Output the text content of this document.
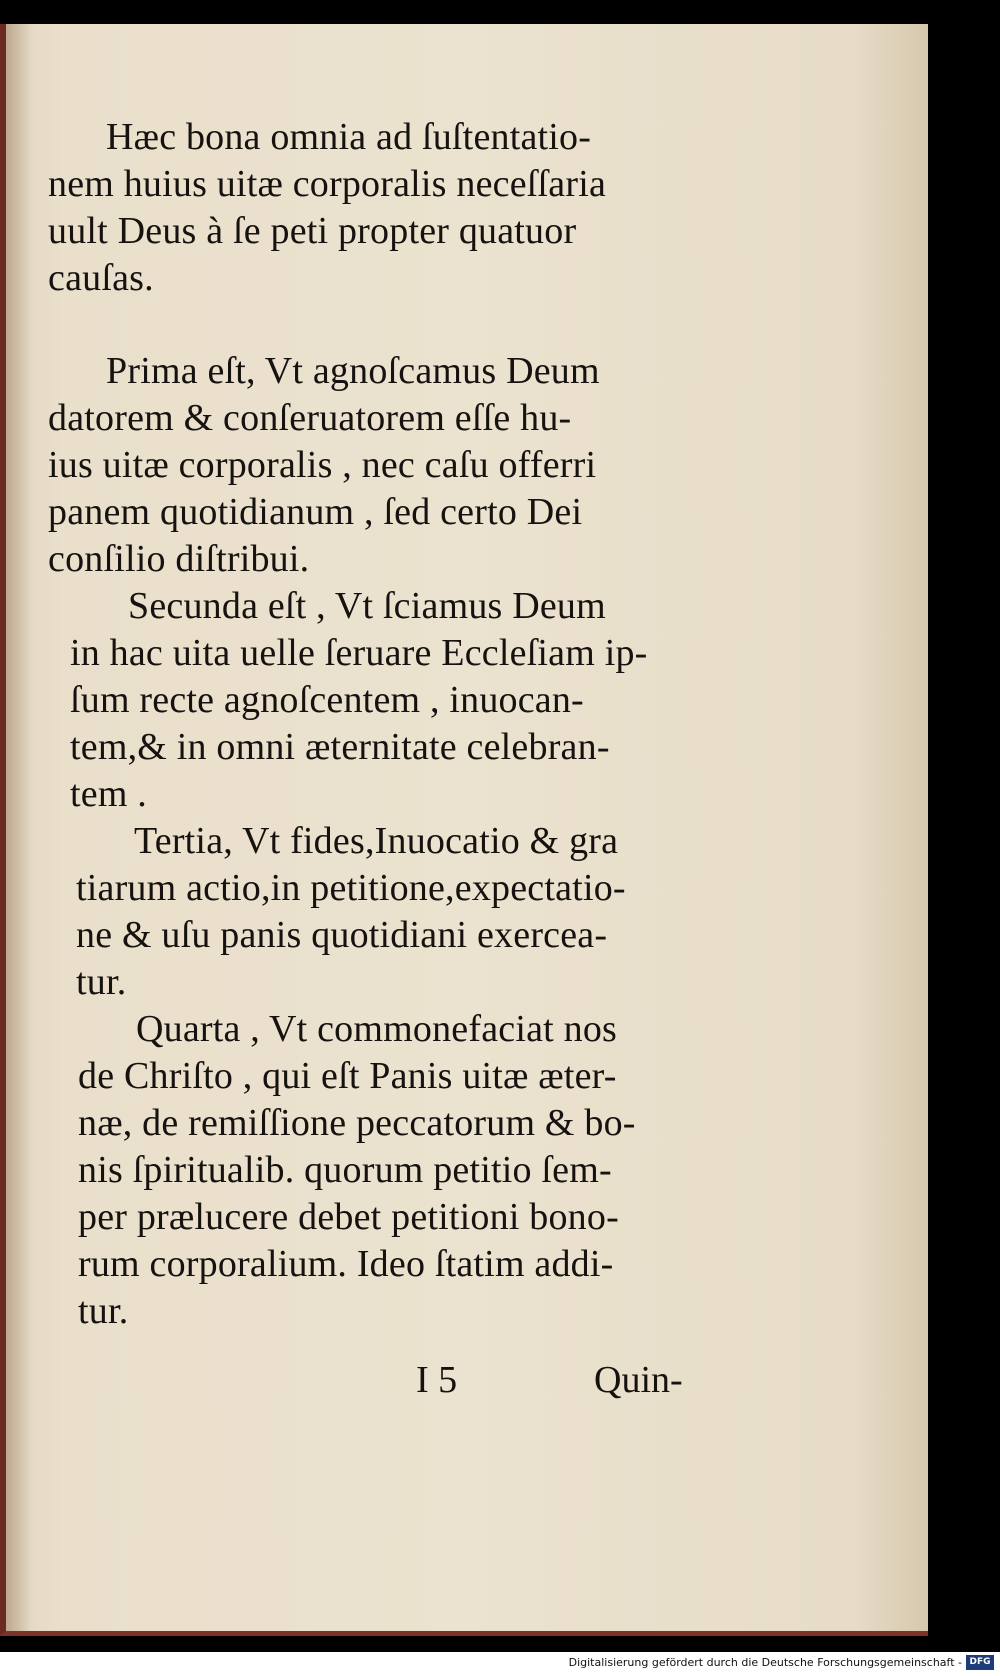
Hæc bona omnia ad ſuſtentatio-
nem huius uitæ corporalis neceſſaria
uult Deus à ſe peti propter quatuor
cauſas.

Prima eſt, Vt agnoſcamus Deum
datorem & conſeruatorem eſſe hu-
ius uitæ corporalis , nec caſu offerri
panem quotidianum , ſed certo Dei
conſilio diſtribui.

Secunda eſt , Vt ſciamus Deum
in hac uita uelle ſeruare Eccleſiam ip-
ſum recte agnoſcentem , inuocan-
tem,& in omni æternitate celebran-
tem .

Tertia, Vt fides,Inuocatio & gra
tiarum actio,in petitione,expectatio-
ne & uſu panis quotidiani exercea-
tur.

Quarta , Vt commonefaciat nos
de Chriſto , qui eſt Panis uitæ æter-
næ, de remiſſione peccatorum & bo-
nis ſpiritualib. quorum petitio ſem-
per prælucere debet petitioni bono-
rum corporalium. Ideo ſtatim addi-
tur.

I 5	Quin-
Digitalisierung gefördert durch die Deutsche Forschungsgemeinschaft - DFG
